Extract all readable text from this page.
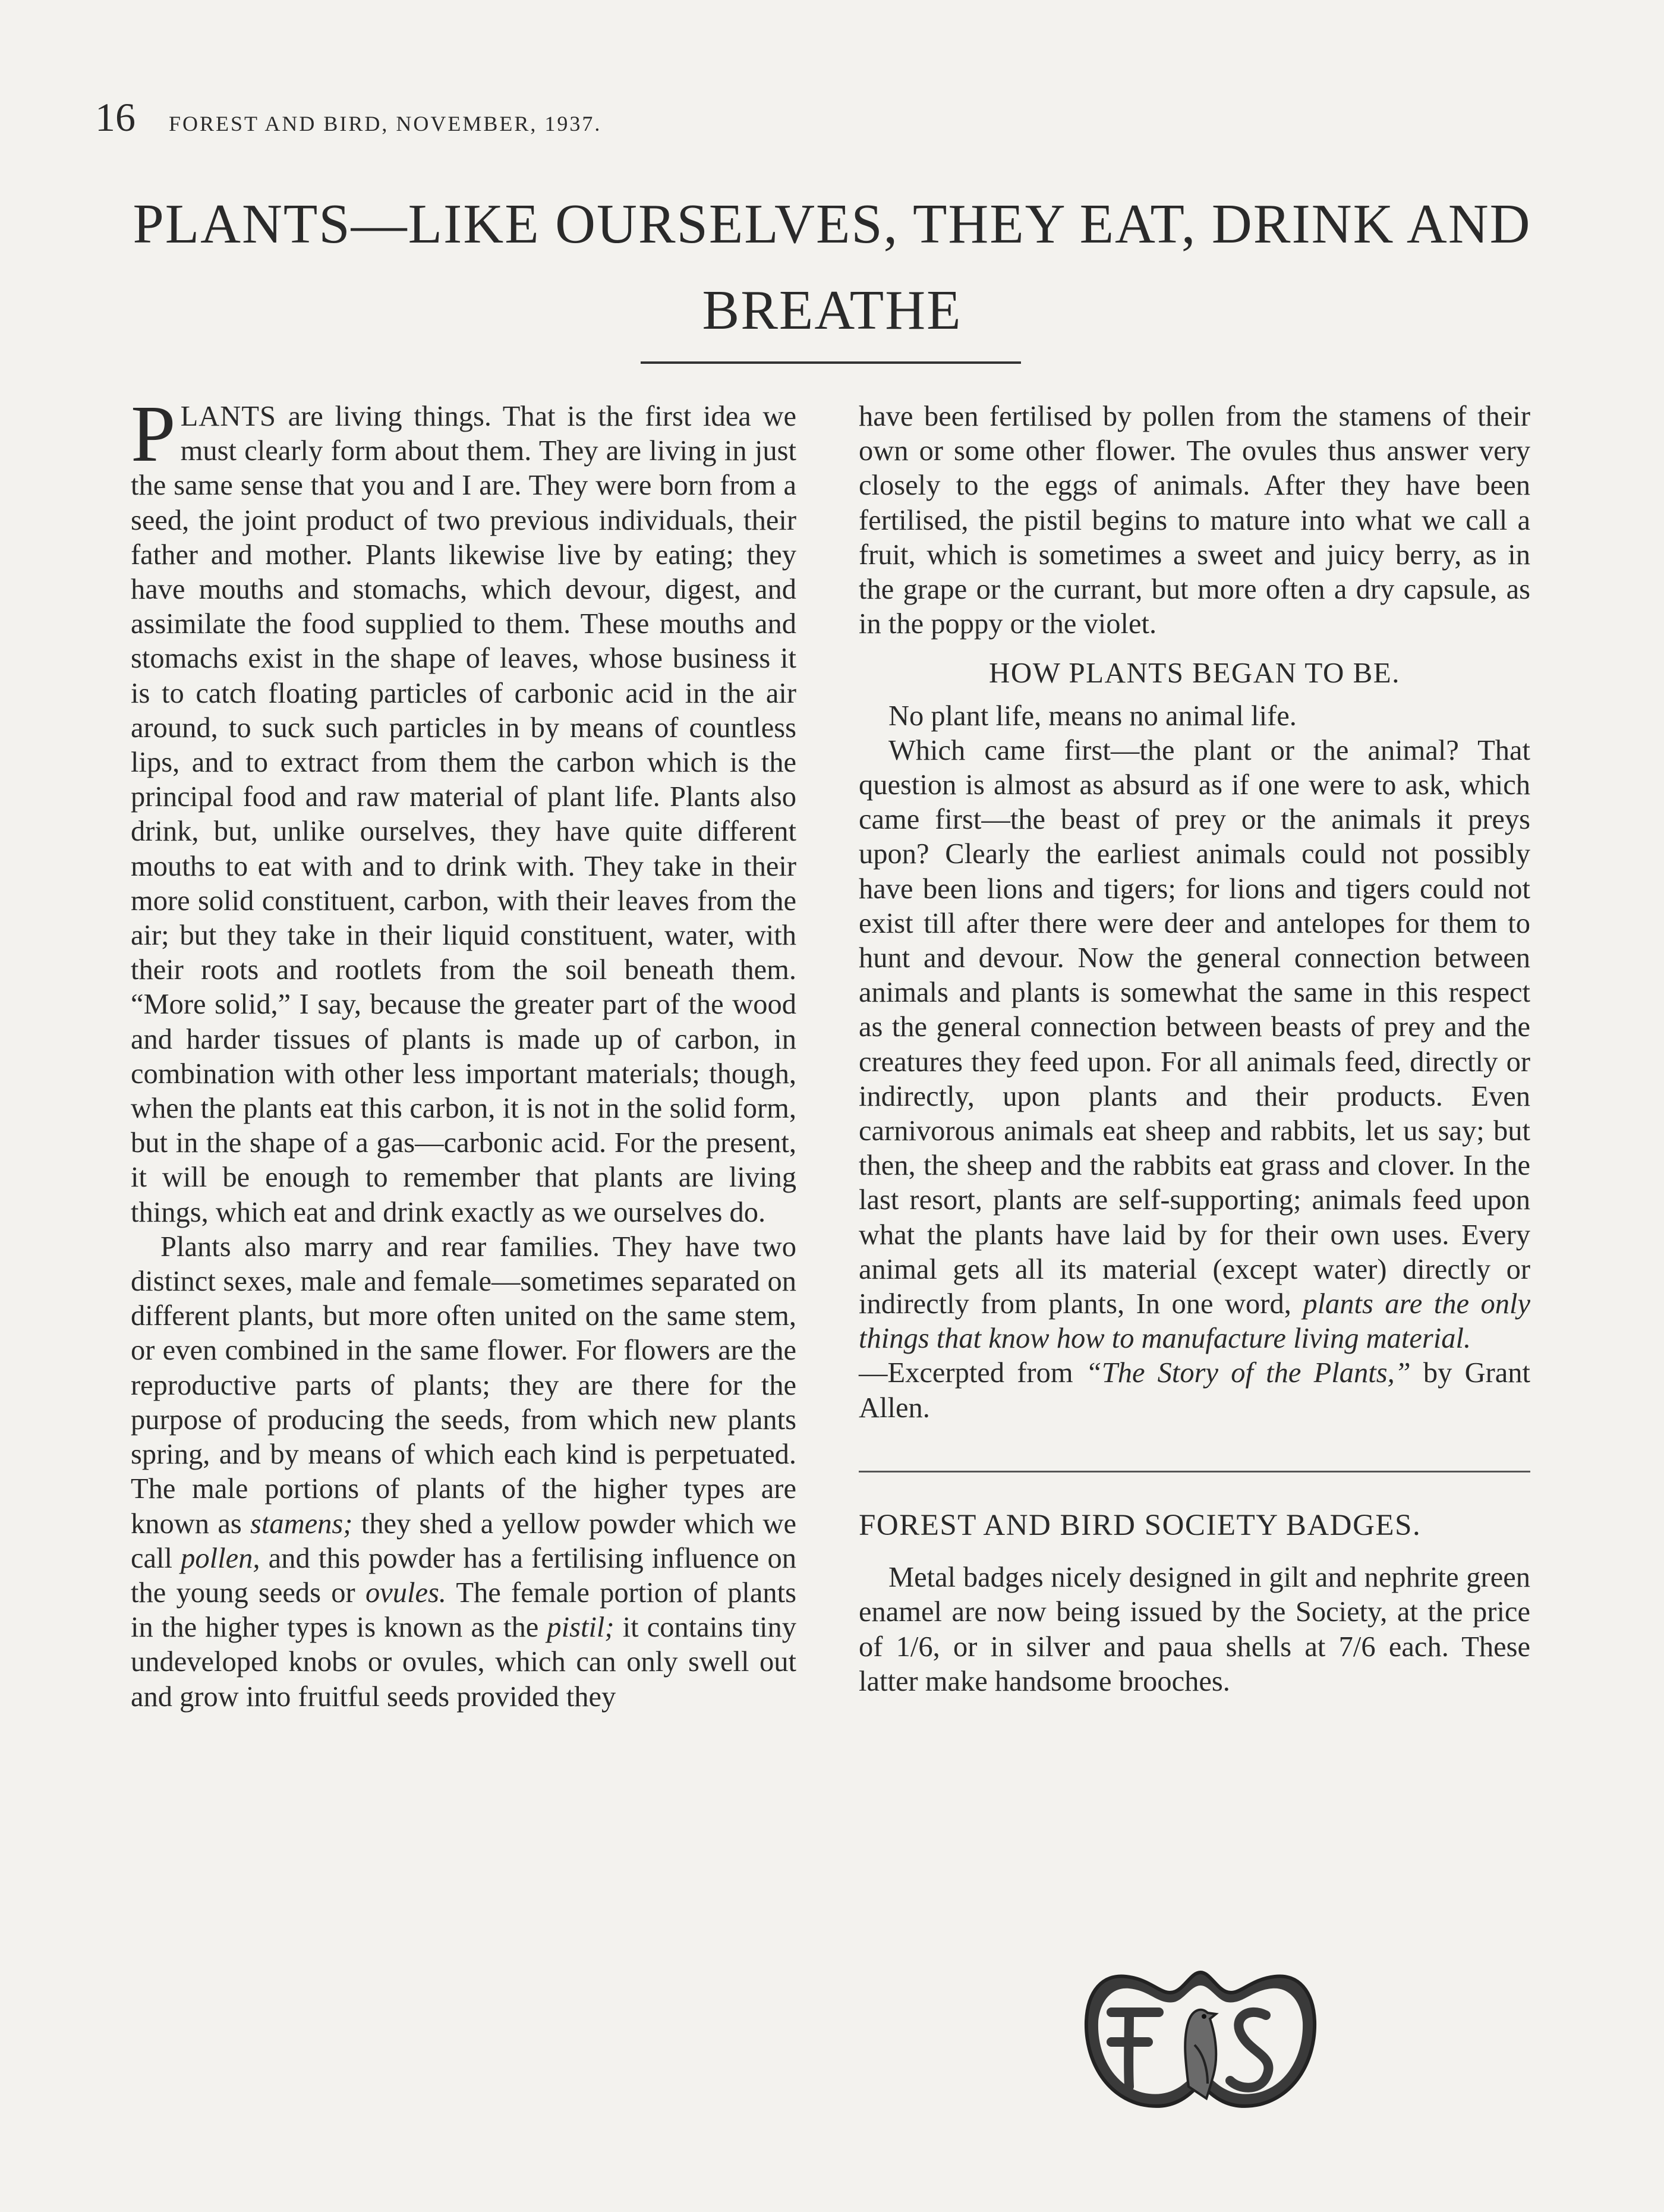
16 FOREST AND BIRD, NOVEMBER, 1937.
PLANTS—LIKE OURSELVES, THEY EAT, DRINK AND BREATHE

PLANTS are living things. That is the first idea we must clearly form about them. They are living in just the same sense that you and I are. They were born from a seed, the joint product of two previous individuals, their father and mother. Plants likewise live by eating; they have mouths and stomachs, which devour, digest, and assimilate the food supplied to them. These mouths and stomachs exist in the shape of leaves, whose business it is to catch floating particles of carbonic acid in the air around, to suck such particles in by means of countless lips, and to extract from them the carbon which is the principal food and raw material of plant life. Plants also drink, but, unlike ourselves, they have quite different mouths to eat with and to drink with. They take in their more solid constituent, carbon, with their leaves from the air; but they take in their liquid constituent, water, with their roots and rootlets from the soil beneath them. “More solid,” I say, because the greater part of the wood and harder tissues of plants is made up of carbon, in combination with other less important materials; though, when the plants eat this carbon, it is not in the solid form, but in the shape of a gas—carbonic acid. For the present, it will be enough to remember that plants are living things, which eat and drink exactly as we ourselves do.

Plants also marry and rear families. They have two distinct sexes, male and female—sometimes separated on different plants, but more often united on the same stem, or even combined in the same flower. For flowers are the reproductive parts of plants; they are there for the purpose of producing the seeds, from which new plants spring, and by means of which each kind is perpetuated. The male portions of plants of the higher types are known as stamens; they shed a yellow powder which we call pollen, and this powder has a fertilising influence on the young seeds or ovules. The female portion of plants in the higher types is known as the pistil; it contains tiny undeveloped knobs or ovules, which can only swell out and grow into fruitful seeds provided they

have been fertilised by pollen from the stamens of their own or some other flower. The ovules thus answer very closely to the eggs of animals. After they have been fertilised, the pistil begins to mature into what we call a fruit, which is sometimes a sweet and juicy berry, as in the grape or the currant, but more often a dry capsule, as in the poppy or the violet.

HOW PLANTS BEGAN TO BE.

No plant life, means no animal life.

Which came first—the plant or the animal? That question is almost as absurd as if one were to ask, which came first—the beast of prey or the animals it preys upon? Clearly the earliest animals could not possibly have been lions and tigers; for lions and tigers could not exist till after there were deer and antelopes for them to hunt and devour. Now the general connection between animals and plants is somewhat the same in this respect as the general connection between beasts of prey and the creatures they feed upon. For all animals feed, directly or indirectly, upon plants and their products. Even carnivorous animals eat sheep and rabbits, let us say; but then, the sheep and the rabbits eat grass and clover. In the last resort, plants are self-supporting; animals feed upon what the plants have laid by for their own uses. Every animal gets all its material (except water) directly or indirectly from plants, In one word, plants are the only things that know how to manufacture living material.
—Excerpted from “The Story of the Plants,” by Grant Allen.

FOREST AND BIRD SOCIETY BADGES.

Metal badges nicely designed in gilt and nephrite green enamel are now being issued by the Society, at the price of 1/6, or in silver and paua shells at 7/6 each. These latter make handsome brooches.
